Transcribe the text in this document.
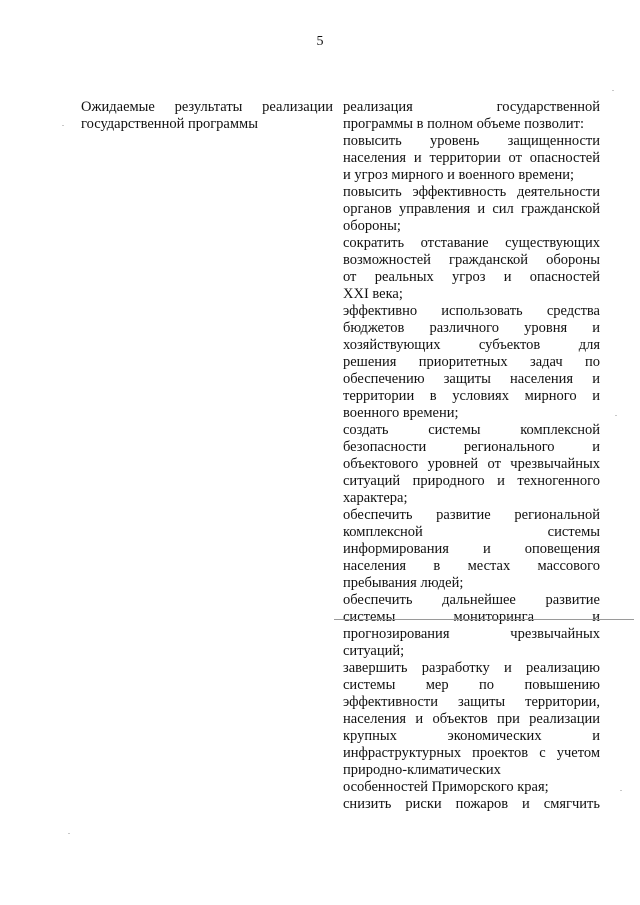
5
Ожидаемые результаты реализации
государственной программы
реализация государственной
программы в полном объеме позволит:
повысить уровень защищенности
населения и территории от опасностей
и угроз мирного и военного времени;
повысить эффективность деятельности
органов управления и сил гражданской
обороны;
сократить отставание существующих
возможностей гражданской обороны
от реальных угроз и опасностей
XXI века;
эффективно использовать средства
бюджетов различного уровня и
хозяйствующих субъектов для
решения приоритетных задач по
обеспечению защиты населения и
территории в условиях мирного и
военного времени;
создать системы комплексной
безопасности регионального и
объектового уровней от чрезвычайных
ситуаций природного и техногенного
характера;
обеспечить развитие региональной
комплексной системы
информирования и оповещения
населения в местах массового
пребывания людей;
обеспечить дальнейшее развитие
системы мониторинга и
прогнозирования чрезвычайных
ситуаций;
завершить разработку и реализацию
системы мер по повышению
эффективности защиты территории,
населения и объектов при реализации
крупных экономических и
инфраструктурных проектов с учетом
природно-климатических
особенностей Приморского края;
снизить риски пожаров и смягчить
